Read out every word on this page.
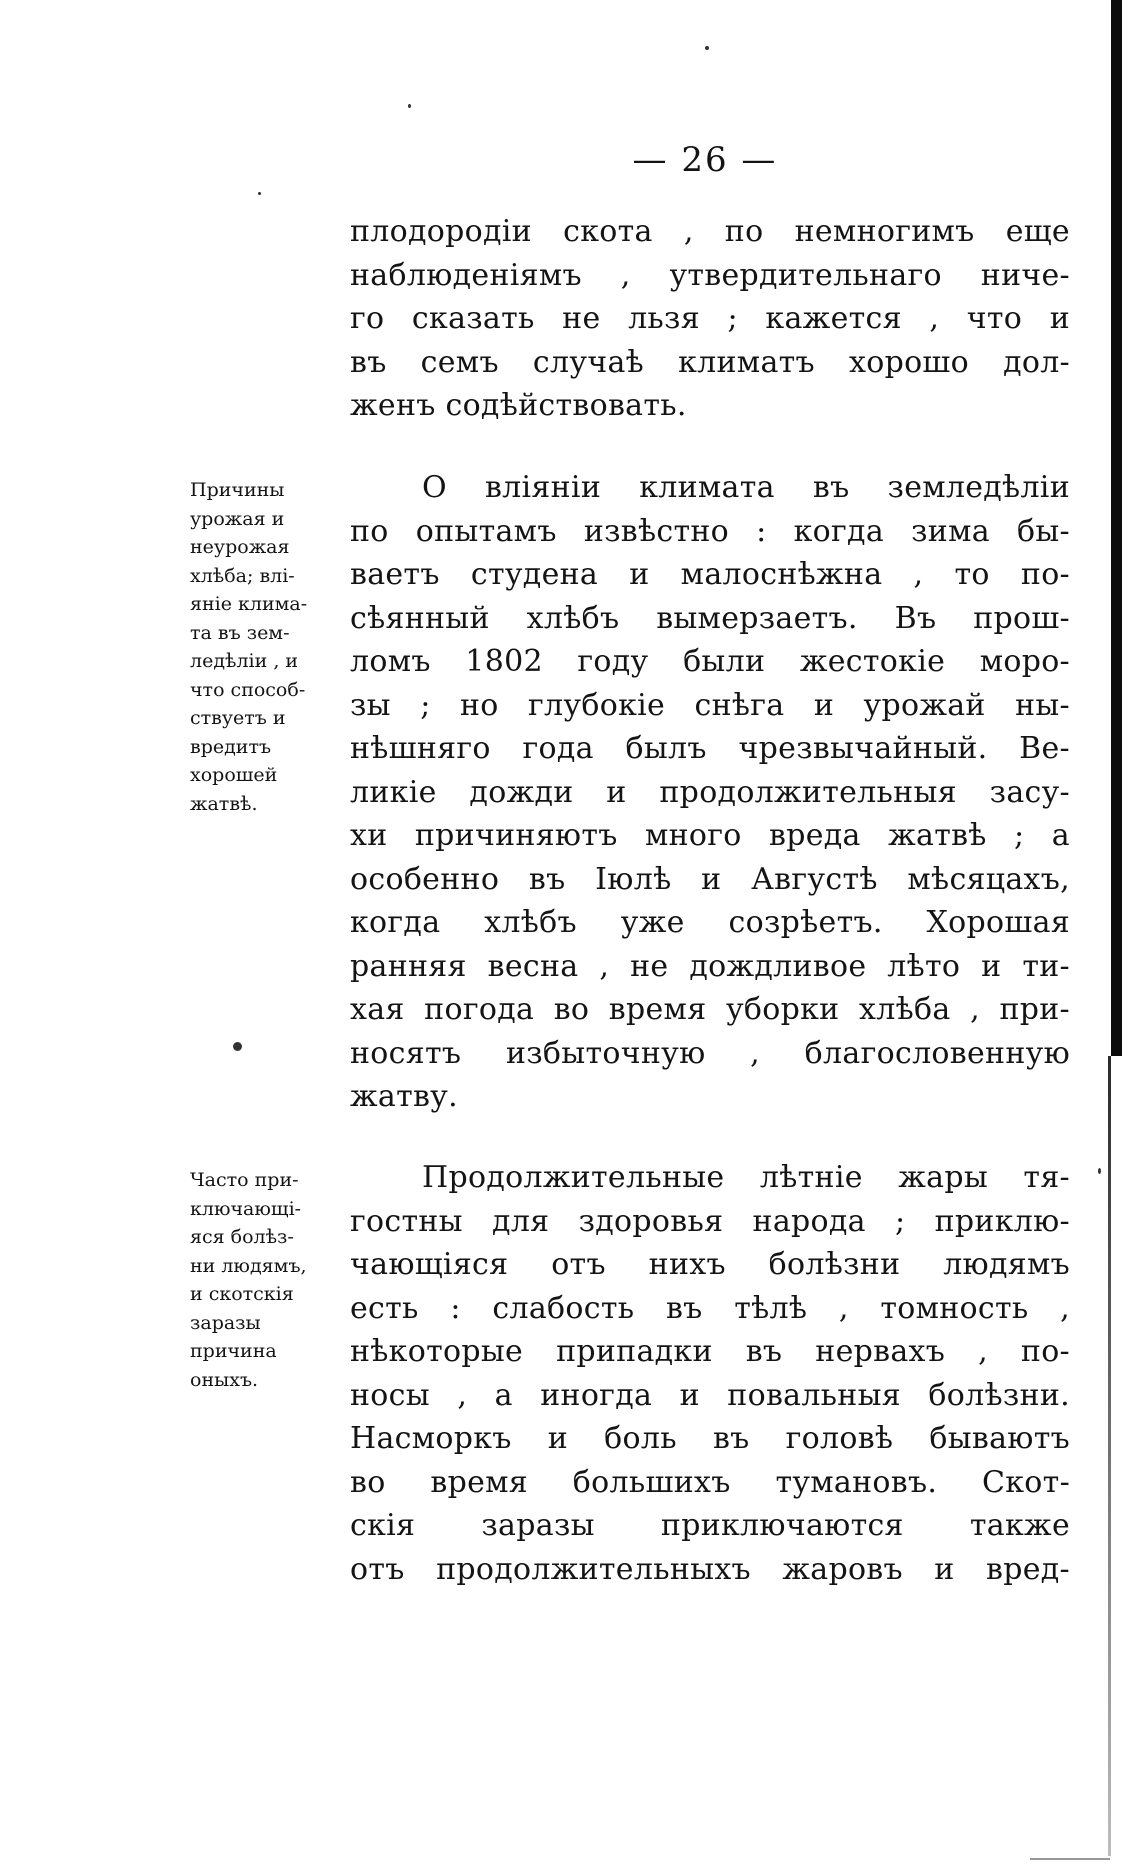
— 26 —
плодородіи скота , по немногимъ еще
наблюденіямъ , утвердительнаго ниче-
го сказать не льзя ; кажется , что и
въ семъ случаѣ климатъ хорошо дол-
женъ содѣйствовать.
Причины
урожая и
неурожая
хлѣба; влі-
яніе клима-
та въ зем-
ледѣліи , и
что способ-
ствуетъ и
вредитъ
хорошей
жатвѣ.
О вліяніи климата въ земледѣліи
по опытамъ извѣстно : когда зима бы-
ваетъ студена и малоснѣжна , то по-
сѣянный хлѣбъ вымерзаетъ. Въ прош-
ломъ 1802 году были жестокіе моро-
зы ; но глубокіе снѣга и урожай ны-
нѣшняго года былъ чрезвычайный. Ве-
ликіе дожди и продолжительныя засу-
хи причиняютъ много вреда жатвѣ ; а
особенно въ Іюлѣ и Августѣ мѣсяцахъ,
когда хлѣбъ уже созрѣетъ. Хорошая
ранняя весна , не дождливое лѣто и ти-
хая погода во время уборки хлѣба , при-
носятъ избыточную , благословенную
жатву.
Часто при-
ключающі-
яся болѣз-
ни людямъ,
и скотскія
заразы
причина
оныхъ.
Продолжительные лѣтніе жары тя-
гостны для здоровья народа ; приклю-
чающіяся отъ нихъ болѣзни людямъ
есть : слабость въ тѣлѣ , томность ,
нѣкоторые припадки въ нервахъ , по-
носы , а иногда и повальныя болѣзни.
Насморкъ и боль въ головѣ бываютъ
во время большихъ тумановъ. Скот-
скія заразы приключаются также
отъ продолжительныхъ жаровъ и вред-
